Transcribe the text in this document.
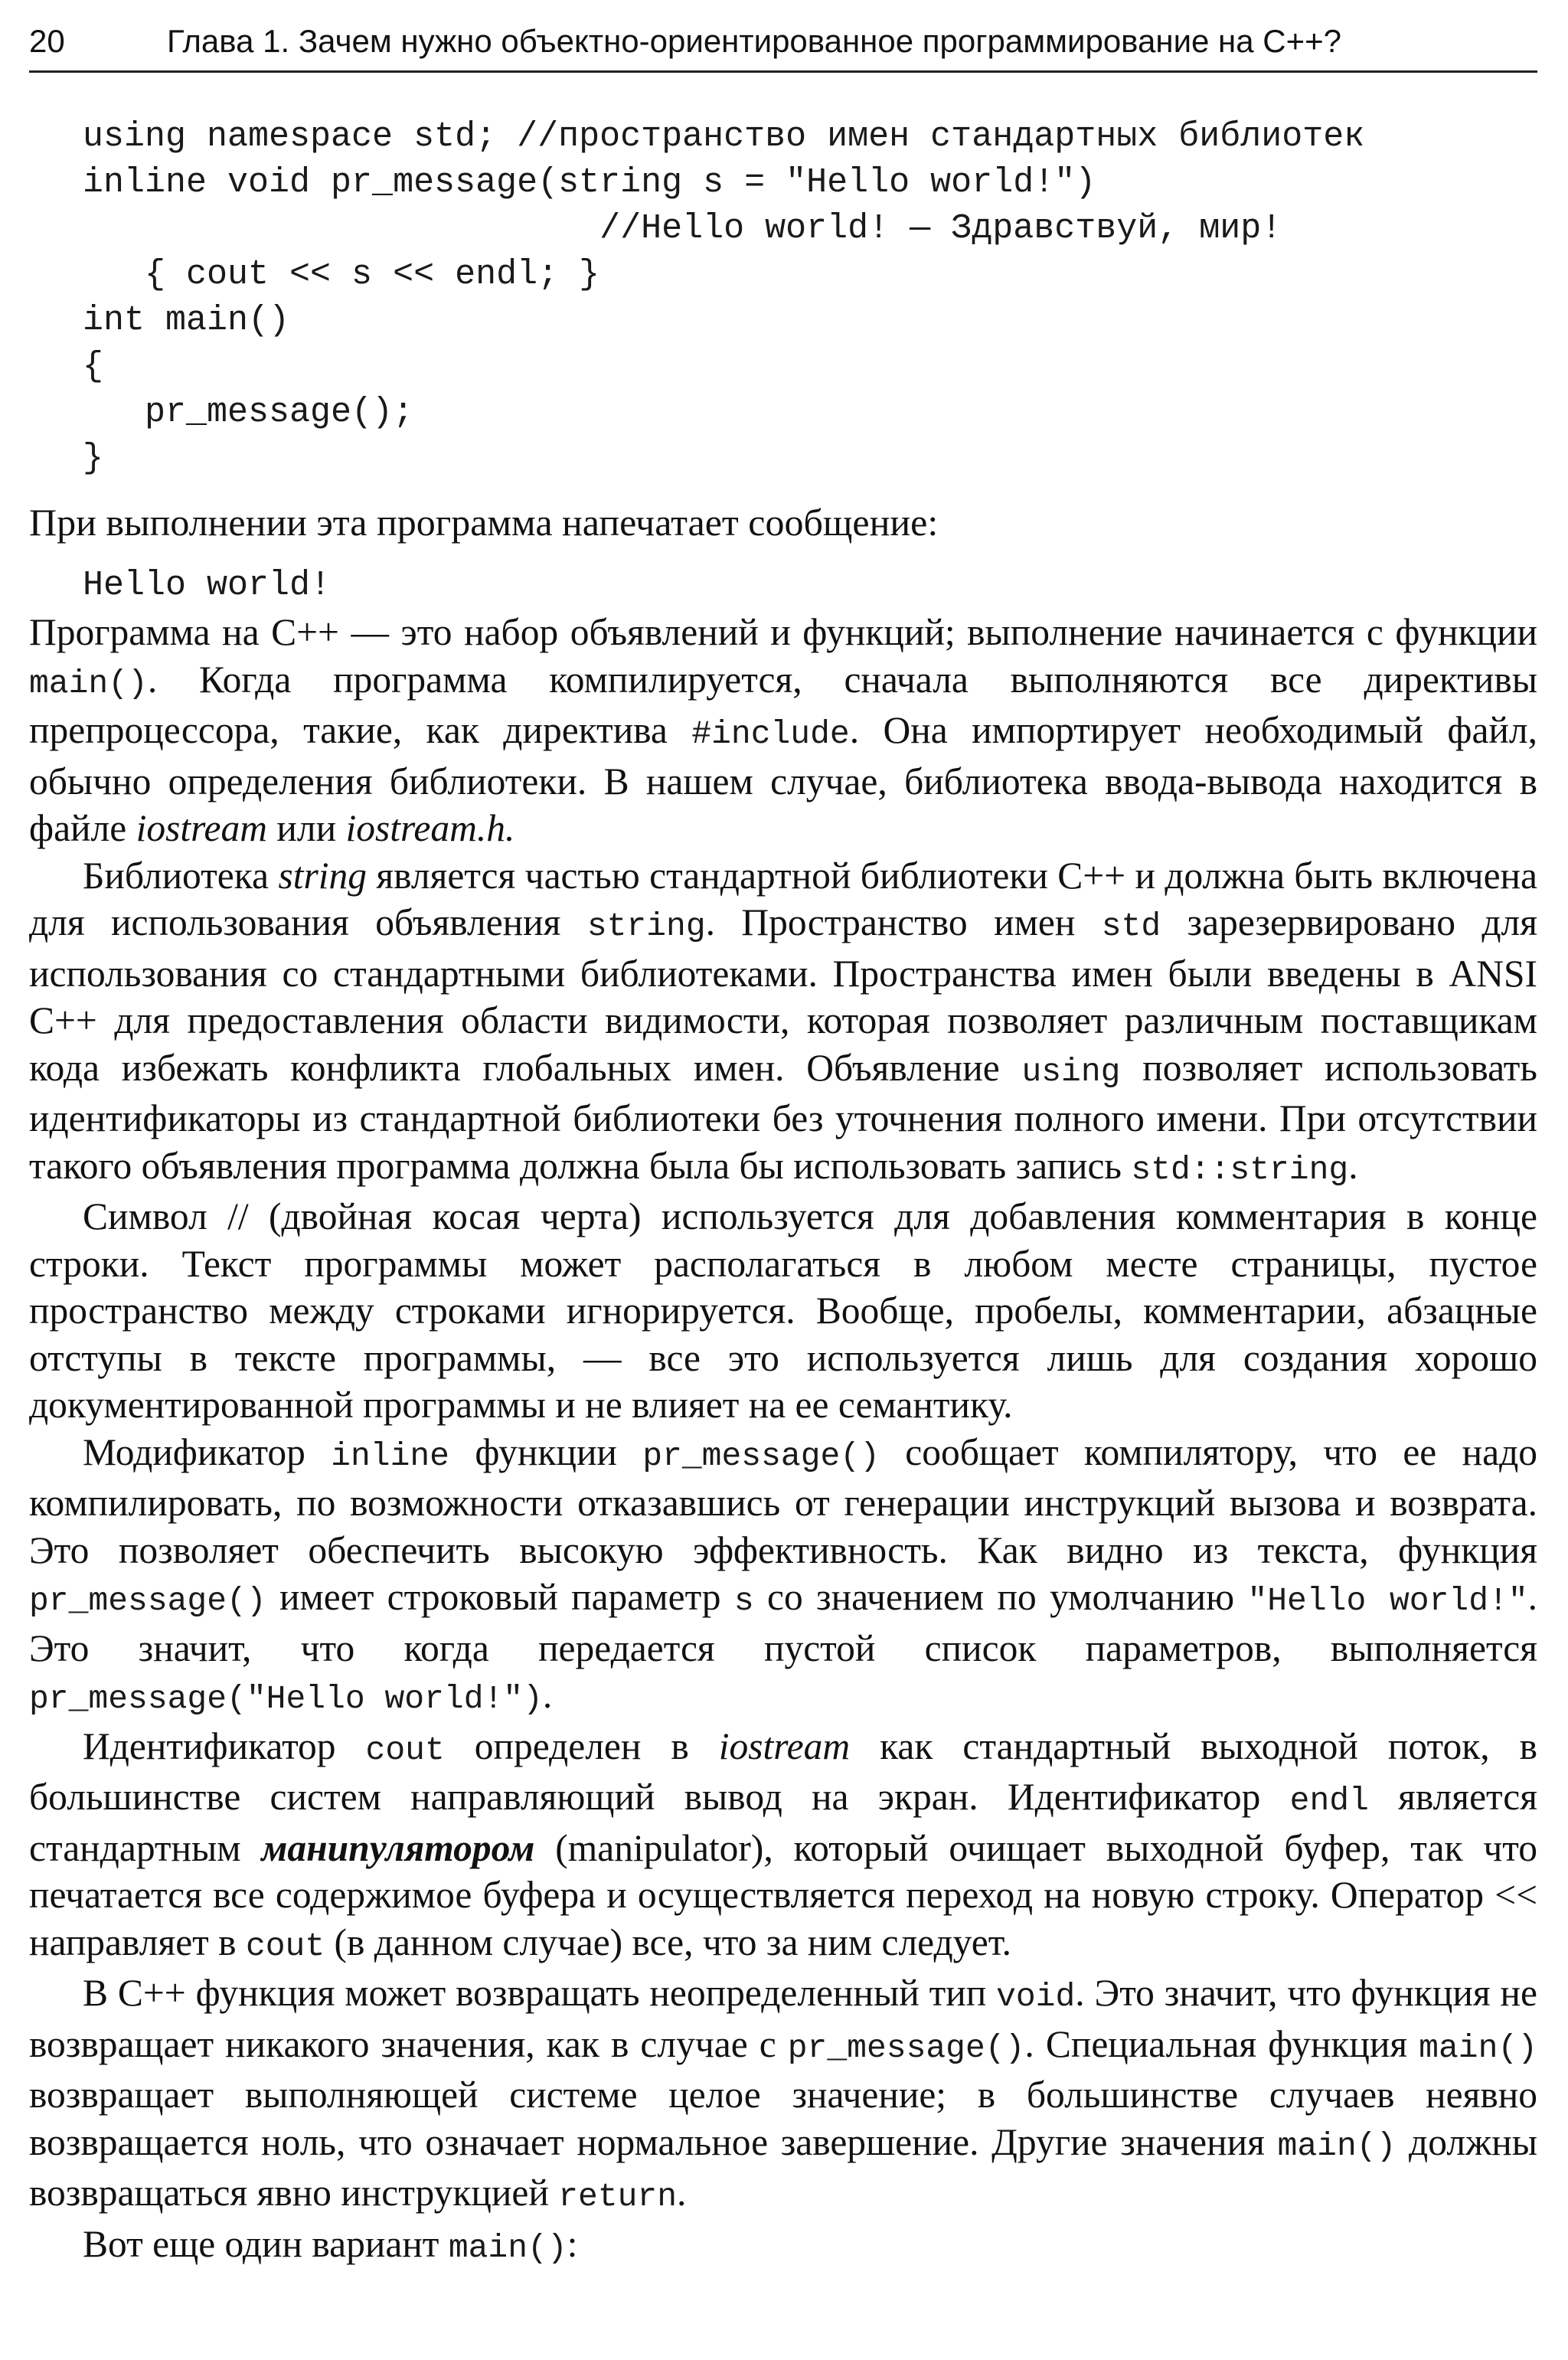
20	Глава 1. Зачем нужно объектно-ориентированное программирование на С++?
using namespace std; //пространство имен стандартных библиотек
inline void pr_message(string s = "Hello world!")
//Hello world! — Здравствуй, мир!
{ cout << s << endl; }
int main()
{
pr_message();
}

При выполнении эта программа напечатает сообщение:

Hello world!

Программа на C++ — это набор объявлений и функций; выполнение начинается с функции main(). Когда программа компилируется, сначала выполняются все директивы препроцессора, такие, как директива #include. Она импортирует необходимый файл, обычно определения библиотеки. В нашем случае, библиотека ввода-вывода находится в файле iostream или iostream.h.

Библиотека string является частью стандартной библиотеки C++ и должна быть включена для использования объявления string. Пространство имен std зарезервировано для использования со стандартными библиотеками. Пространства имен были введены в ANSI C++ для предоставления области видимости, которая позволяет различным поставщикам кода избежать конфликта глобальных имен. Объявление using позволяет использовать идентификаторы из стандартной библиотеки без уточнения полного имени. При отсутствии такого объявления программа должна была бы использовать запись std::string.

Символ // (двойная косая черта) используется для добавления комментария в конце строки. Текст программы может располагаться в любом месте страницы, пустое пространство между строками игнорируется. Вообще, пробелы, комментарии, абзацные отступы в тексте программы, — все это используется лишь для создания хорошо документированной программы и не влияет на ее семантику.

Модификатор inline функции pr_message() сообщает компилятору, что ее надо компилировать, по возможности отказавшись от генерации инструкций вызова и возврата. Это позволяет обеспечить высокую эффективность. Как видно из текста, функция pr_message() имеет строковый параметр s со значением по умолчанию "Hello world!". Это значит, что когда передается пустой список параметров, выполняется pr_message("Hello world!").

Идентификатор cout определен в iostream как стандартный выходной поток, в большинстве систем направляющий вывод на экран. Идентификатор endl является стандартным манипулятором (manipulator), который очищает выходной буфер, так что печатается все содержимое буфера и осуществляется переход на новую строку. Оператор << направляет в cout (в данном случае) все, что за ним следует.

В C++ функция может возвращать неопределенный тип void. Это значит, что функция не возвращает никакого значения, как в случае с pr_message(). Специальная функция main() возвращает выполняющей системе целое значение; в большинстве случаев неявно возвращается ноль, что означает нормальное завершение. Другие значения main() должны возвращаться явно инструкцией return.

Вот еще один вариант main():
